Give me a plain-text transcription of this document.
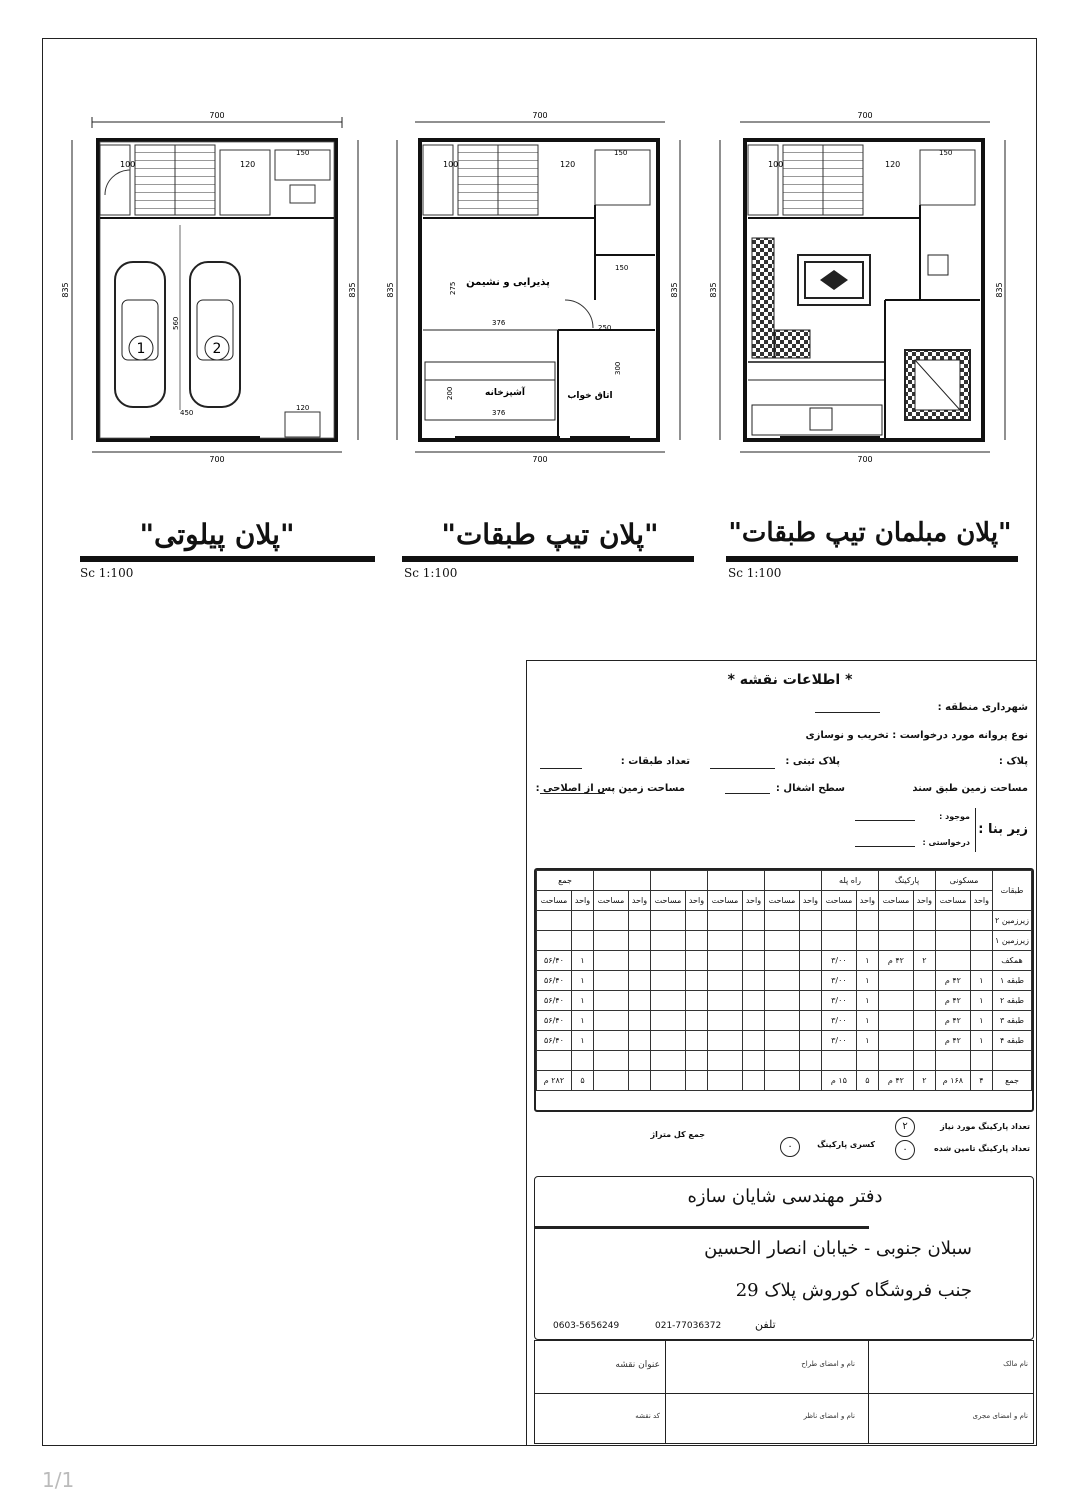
700
100	120
150
1	2
560
450
120
835	835
700
700
100	120
150
150
پذیرایی و نشیمن
275
376
250
اتاق خواب
300
آشپزخانه
200
376
835	835
700
700
100	120
150
835	835
700
"پلان پیلوتی"
Sc 1:100
"پلان تیپ طبقات"
Sc 1:100
"پلان مبلمان تیپ طبقات"
Sc 1:100
* اطلاعات نقشه *
شهرداری منطقه :
نوع پروانه مورد درخواست : تخریب و نوسازی
پلاک :
پلاک ثبتی :
تعداد طبقات :
مساحت زمین طبق سند
سطح اشغال :
مساحت زمین پس از اصلاحی :
زیر بنا :
موجود :
درخواستی :
طبقات	مسکونی		پارکینگ		راه پله										جمع	
	واحد	مساحت	واحد	مساحت	واحد	مساحت	واحد	مساحت	واحد	مساحت	واحد	مساحت	واحد	مساحت	واحد	مساحت
زیرزمین ۲																
زیرزمین ۱																
همکف			۲	۴۲ م	۱	۳/۰۰									۱	۵۶/۴۰
طبقه ۱	۱	۴۲ م			۱	۳/۰۰									۱	۵۶/۴۰
طبقه ۲	۱	۴۲ م			۱	۳/۰۰									۱	۵۶/۴۰
طبقه ۳	۱	۴۲ م			۱	۳/۰۰									۱	۵۶/۴۰
طبقه ۴	۱	۴۲ م			۱	۳/۰۰									۱	۵۶/۴۰

جمع	۴	۱۶۸ م	۲	۴۲ م	۵	۱۵ م									۵	۲۸۲ م
تعداد پارکینگ مورد نیاز
۲
تعداد پارکینگ تامین شده
۰
کسری پارکینگ
۰
جمع کل متراژ
دفتر مهندسی شایان سازه
سبلان جنوبی - خیابان انصار الحسین
جنب فروشگاه کوروش پلاک 29
تلفن
021-77036372
0603-5656249
عنوان نقشه	نام و امضای طراح	نام مالک
کد نقشه	نام و امضای ناظر	نام و امضای مجری
1/1
